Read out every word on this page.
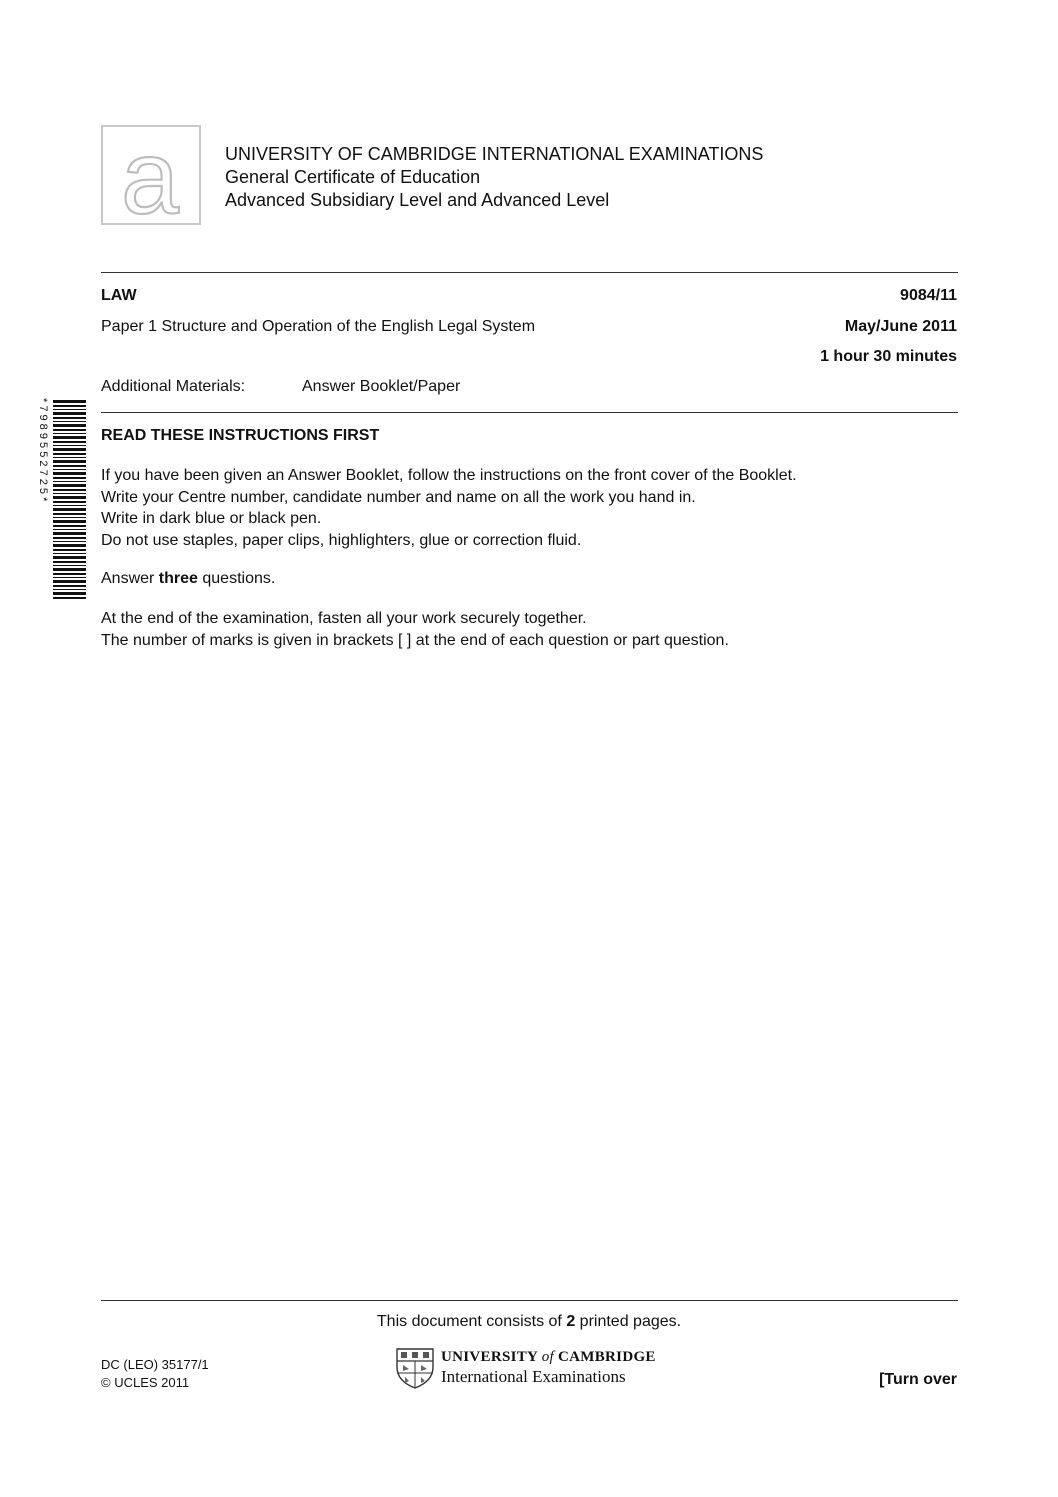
a	UNIVERSITY OF CAMBRIDGE INTERNATIONAL EXAMINATIONS
General Certificate of Education
Advanced Subsidiary Level and Advanced Level
LAW	9084/11
Paper 1 Structure and Operation of the English Legal System	May/June 2011
1 hour 30 minutes
Additional Materials:	Answer Booklet/Paper
* 7 9 8 9 5 5 2 7 2 5 *	READ THESE INSTRUCTIONS FIRST
If you have been given an Answer Booklet, follow the instructions on the front cover of the Booklet.
Write your Centre number, candidate number and name on all the work you hand in.
Write in dark blue or black pen.
Do not use staples, paper clips, highlighters, glue or correction fluid.
Answer three questions.
At the end of the examination, fasten all your work securely together.
The number of marks is given in brackets [ ] at the end of each question or part question.
This document consists of 2 printed pages.
DC (LEO) 35177/1
© UCLES 2011
UNIVERSITY of CAMBRIDGE
International Examinations	[Turn over
